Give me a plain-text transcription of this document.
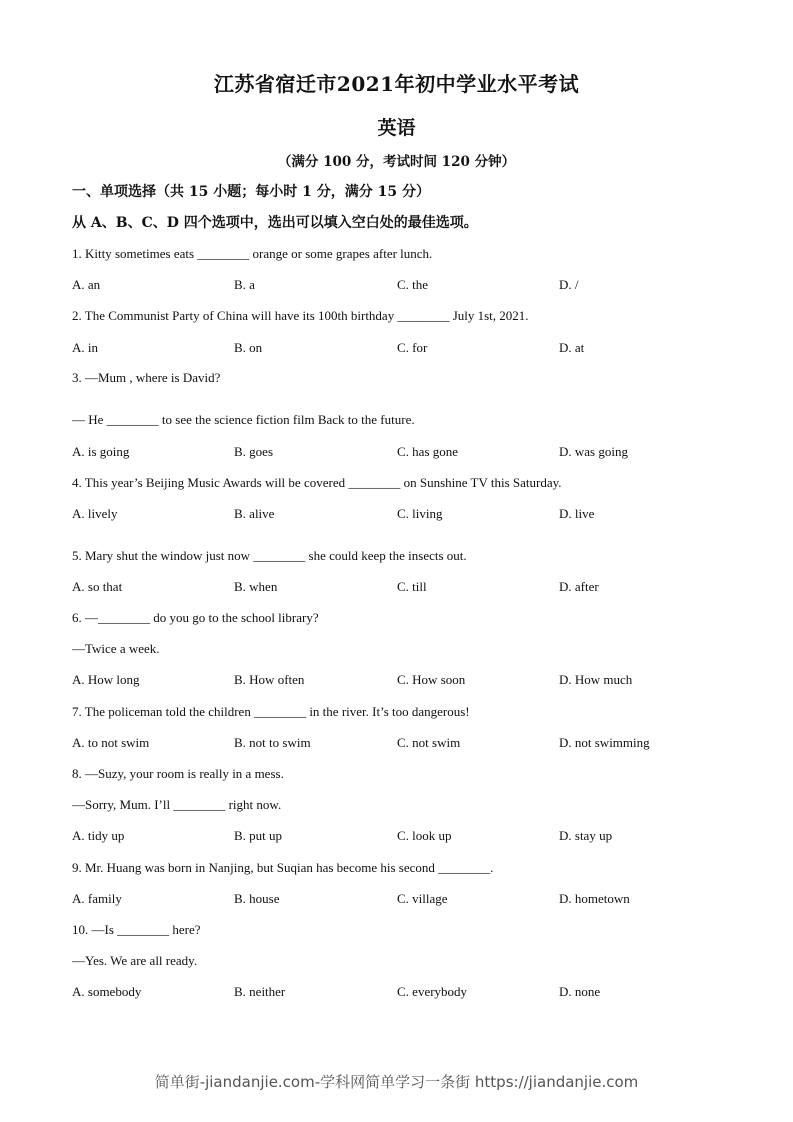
江苏省宿迁市2021年初中学业水平考试
英语
（满分 100 分，考试时间 120 分钟）
一、单项选择（共 15 小题；每小时 1 分，满分 15 分）
从 A、B、C、D 四个选项中，选出可以填入空白处的最佳选项。
1. Kitty sometimes eats ________ orange or some grapes after lunch.
A. an	B. a	C. the	D. /
2. The Communist Party of China will have its 100th birthday ________ July 1st, 2021.
A. in	B. on	C. for	D. at
3. —Mum , where is David?
— He ________ to see the science fiction film Back to the future.
A. is going	B. goes	C. has gone	D. was going
4. This year’s Beijing Music Awards will be covered ________ on Sunshine TV this Saturday.
A. lively	B. alive	C. living	D. live
5. Mary shut the window just now ________ she could keep the insects out.
A. so that	B. when	C. till	D. after
6. —________ do you go to the school library?
—Twice a week.
A. How long	B. How often	C. How soon	D. How much
7. The policeman told the children ________ in the river. It’s too dangerous!
A. to not swim	B. not to swim	C. not swim	D. not swimming
8. —Suzy, your room is really in a mess.
—Sorry, Mum. I’ll ________ right now.
A. tidy up	B. put up	C. look up	D. stay up
9. Mr. Huang was born in Nanjing, but Suqian has become his second ________.
A. family	B. house	C. village	D. hometown
10. —Is ________ here?
—Yes. We are all ready.
A. somebody	B. neither	C. everybody	D. none
简单街-jiandanjie.com-学科网简单学习一条街 https://jiandanjie.com
